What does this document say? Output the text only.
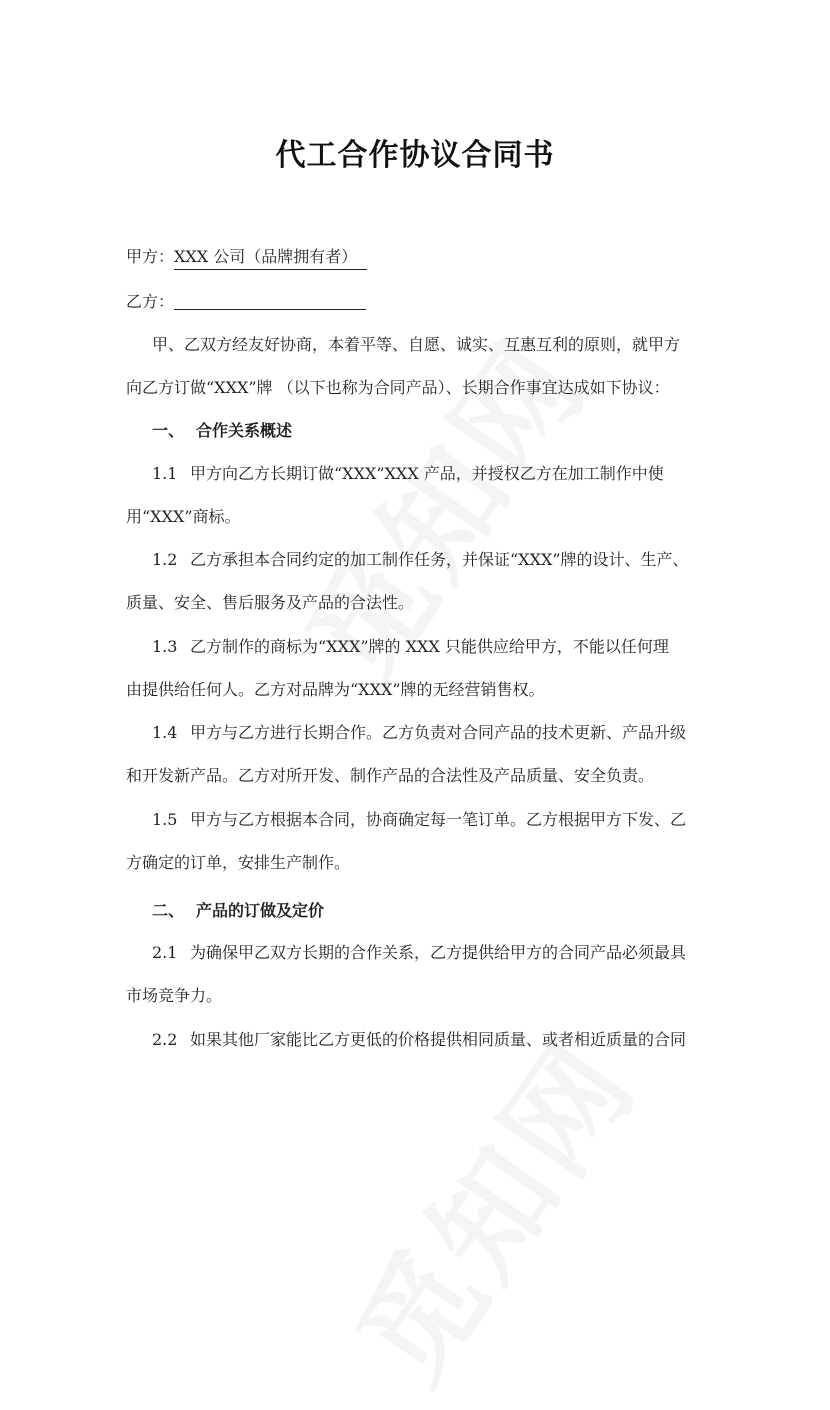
代工合作协议合同书
甲方：XXX 公司（品牌拥有者）
乙方：
甲、乙双方经友好协商，本着平等、自愿、诚实、互惠互利的原则，就甲方
向乙方订做“XXX”牌 （以下也称为合同产品）、长期合作事宜达成如下协议：
一、 合作关系概述
1.1 甲方向乙方长期订做“XXX”XXX 产品，并授权乙方在加工制作中使
用“XXX”商标。
1.2 乙方承担本合同约定的加工制作任务，并保证“XXX”牌的设计、生产、
质量、安全、售后服务及产品的合法性。
1.3 乙方制作的商标为“XXX”牌的 XXX 只能供应给甲方，不能以任何理
由提供给任何人。乙方对品牌为“XXX”牌的无经营销售权。
1.4 甲方与乙方进行长期合作。乙方负责对合同产品的技术更新、产品升级
和开发新产品。乙方对所开发、制作产品的合法性及产品质量、安全负责。
1.5 甲方与乙方根据本合同，协商确定每一笔订单。乙方根据甲方下发、乙
方确定的订单，安排生产制作。
二、 产品的订做及定价
2.1 为确保甲乙双方长期的合作关系，乙方提供给甲方的合同产品必须最具
市场竞争力。
2.2 如果其他厂家能比乙方更低的价格提供相同质量、或者相近质量的合同
